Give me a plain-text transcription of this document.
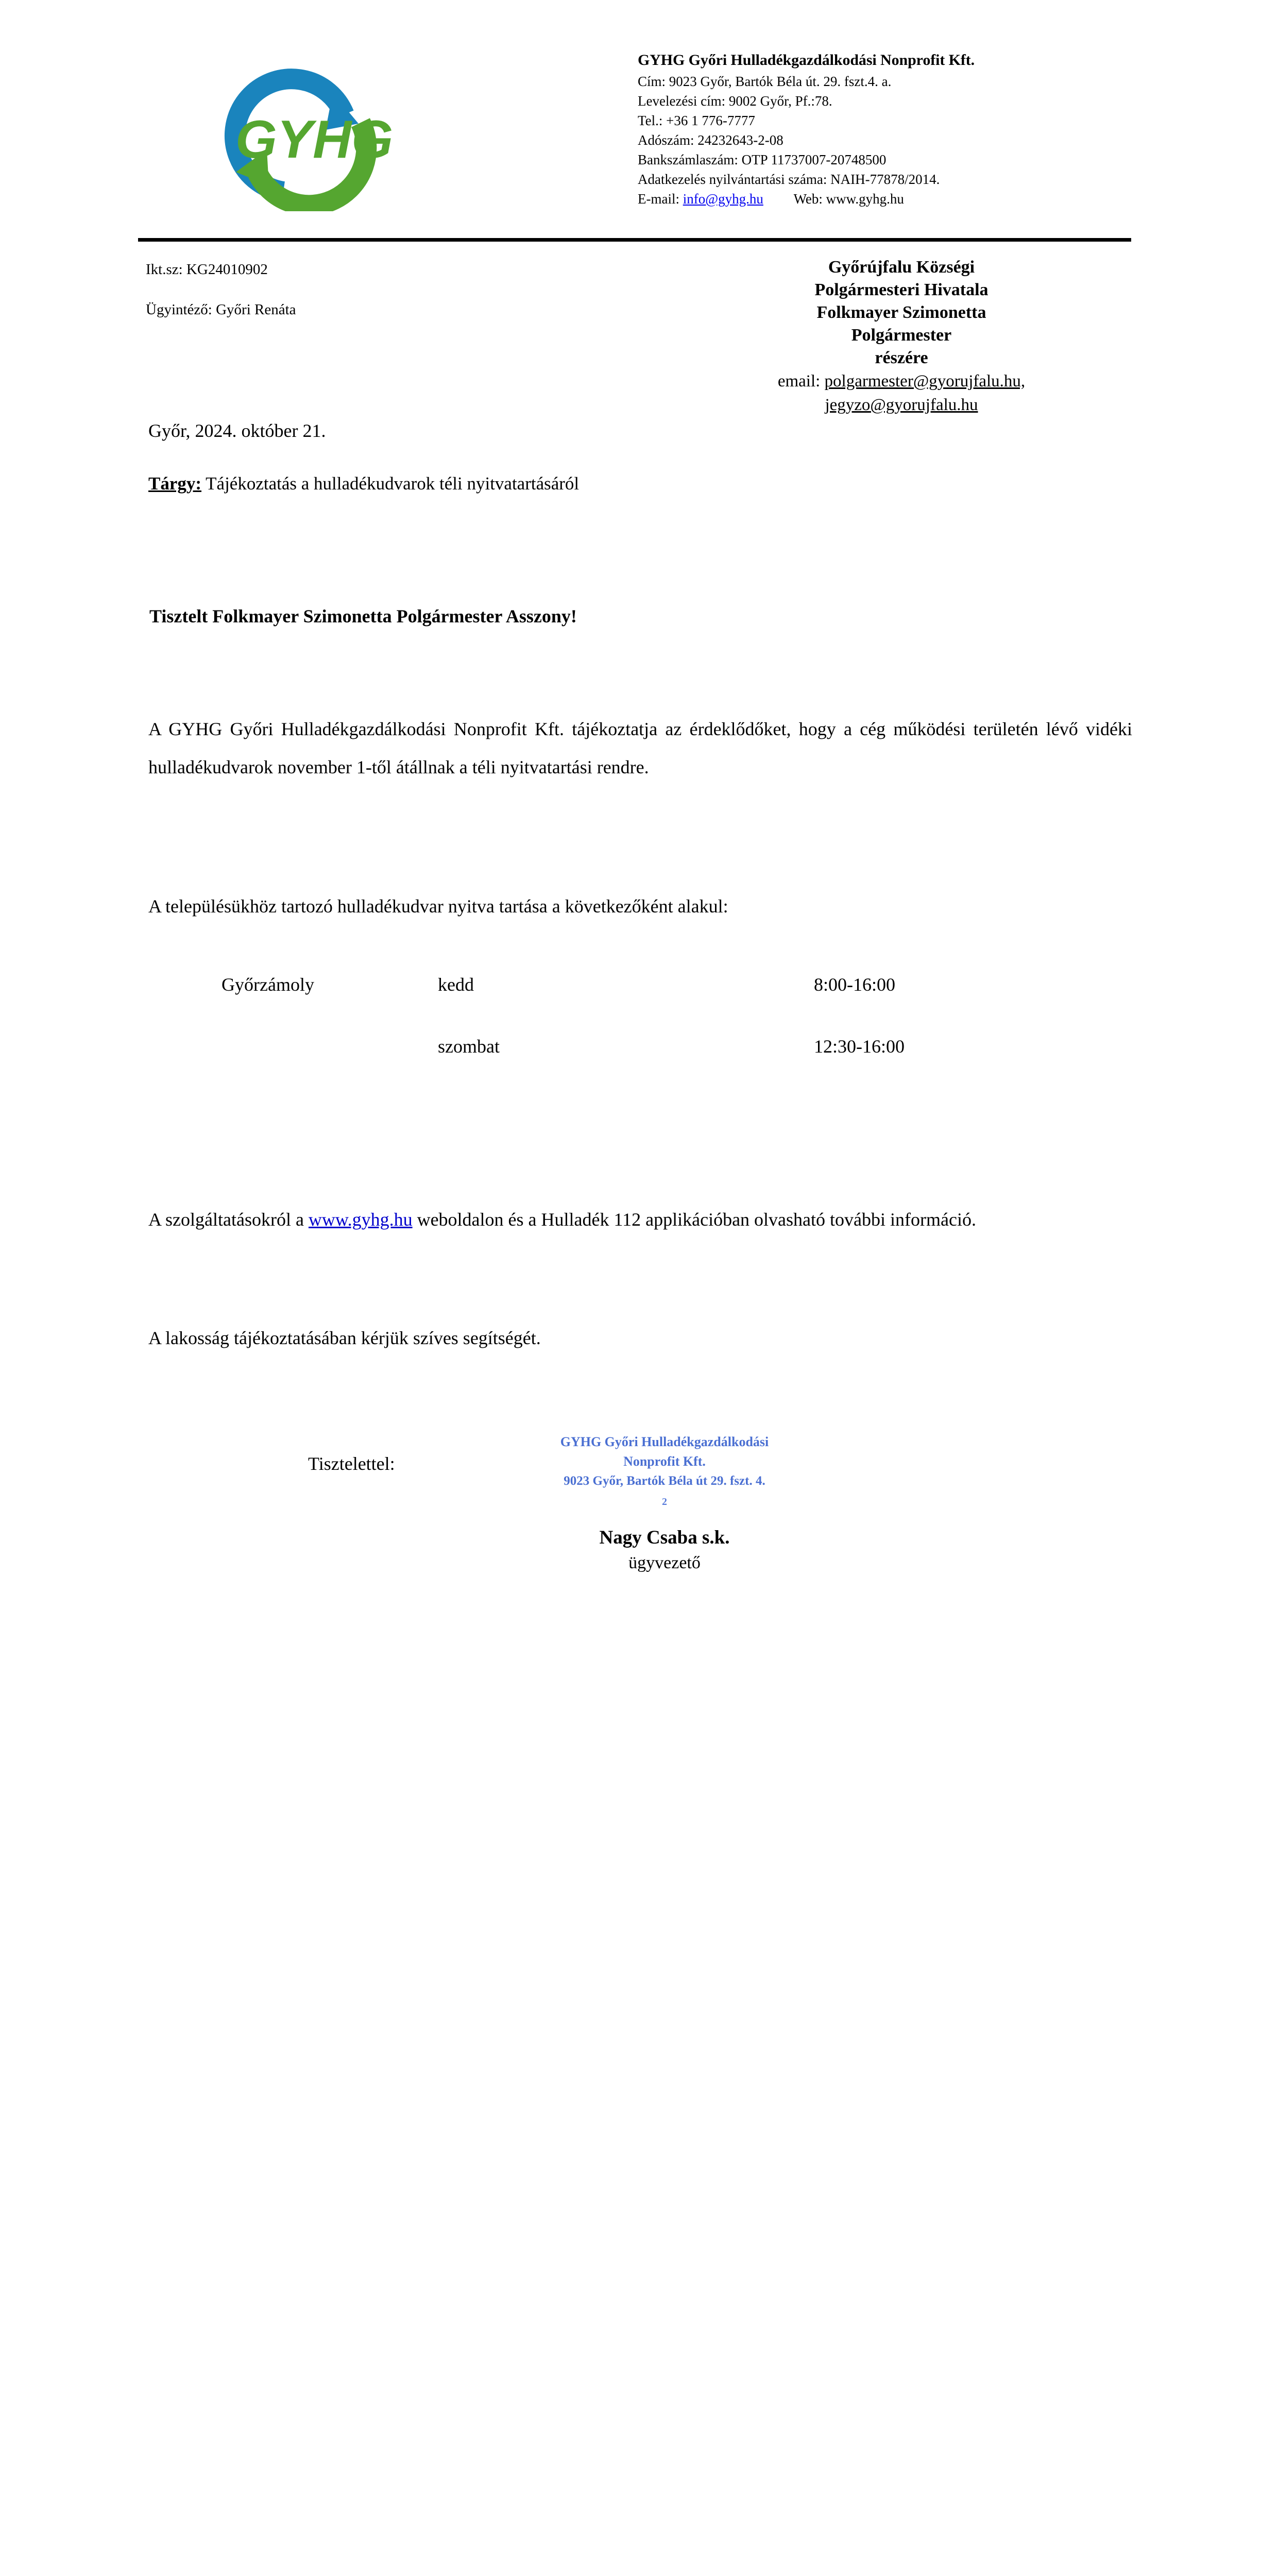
GYHG
GYHG Győri Hulladékgazdálkodási Nonprofit Kft.
Cím: 9023 Győr, Bartók Béla út. 29. fszt.4. a.
Levelezési cím: 9002 Győr, Pf.:78.
Tel.: +36 1 776-7777
Adószám: 24232643-2-08
Bankszámlaszám: OTP 11737007-20748500
Adatkezelés nyilvántartási száma: NAIH-77878/2014.
E-mail: info@gyhg.hu Web: www.gyhg.hu
Ikt.sz: KG24010902
Ügyintéző: Győri Renáta
Győrújfalu Községi
Polgármesteri Hivatala
Folkmayer Szimonetta
Polgármester
részére
email: polgarmester@gyorujfalu.hu,
jegyzo@gyorujfalu.hu
Győr, 2024. október 21.
Tárgy: Tájékoztatás a hulladékudvarok téli nyitvatartásáról
Tisztelt Folkmayer Szimonetta Polgármester Asszony!
A GYHG Győri Hulladékgazdálkodási Nonprofit Kft. tájékoztatja az érdeklődőket, hogy a cég működési területén lévő vidéki hulladékudvarok november 1-től átállnak a téli nyitvatartási rendre.
A településükhöz tartozó hulladékudvar nyitva tartása a következőként alakul:
Győrzámoly	kedd	8:00-16:00
	szombat	12:30-16:00
A szolgáltatásokról a www.gyhg.hu weboldalon és a Hulladék 112 applikációban olvasható további információ.
A lakosság tájékoztatásában kérjük szíves segítségét.
Tisztelettel:
GYHG Győri Hulladékgazdálkodási
Nonprofit Kft.
9023 Győr, Bartók Béla út 29. fszt. 4.
2
Nagy Csaba s.k.
ügyvezető
